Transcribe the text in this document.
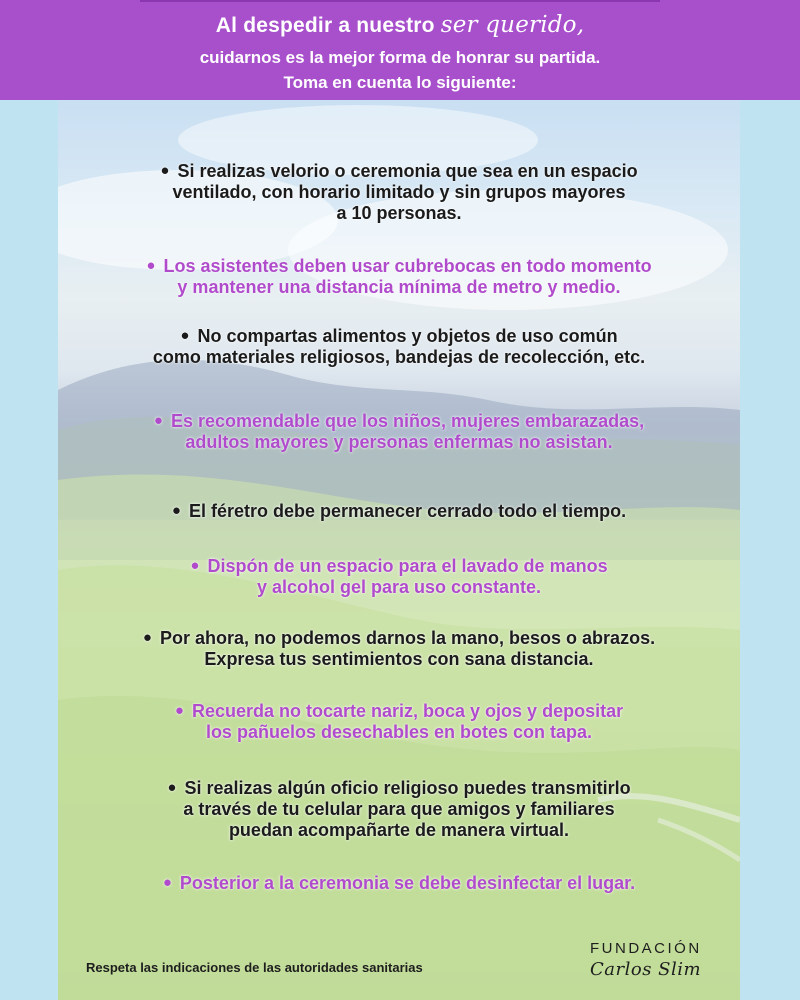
Al despedir a nuestro ser querido,
cuidarnos es la mejor forma de honrar su partida.
Toma en cuenta lo siguiente:
● Si realizas velorio o ceremonia que sea en un espacio
ventilado, con horario limitado y sin grupos mayores
a 10 personas.
● Los asistentes deben usar cubrebocas en todo momento
y mantener una distancia mínima de metro y medio.
● No compartas alimentos y objetos de uso común
como materiales religiosos, bandejas de recolección, etc.
● Es recomendable que los niños, mujeres embarazadas,
adultos mayores y personas enfermas no asistan.
● El féretro debe permanecer cerrado todo el tiempo.
● Dispón de un espacio para el lavado de manos
y alcohol gel para uso constante.
● Por ahora, no podemos darnos la mano, besos o abrazos.
Expresa tus sentimientos con sana distancia.
● Recuerda no tocarte nariz, boca y ojos y depositar
los pañuelos desechables en botes con tapa.
● Si realizas algún oficio religioso puedes transmitirlo
a través de tu celular para que amigos y familiares
puedan acompañarte de manera virtual.
● Posterior a la ceremonia se debe desinfectar el lugar.
Respeta las indicaciones de las autoridades sanitarias
FUNDACIÓN
Carlos Slim
